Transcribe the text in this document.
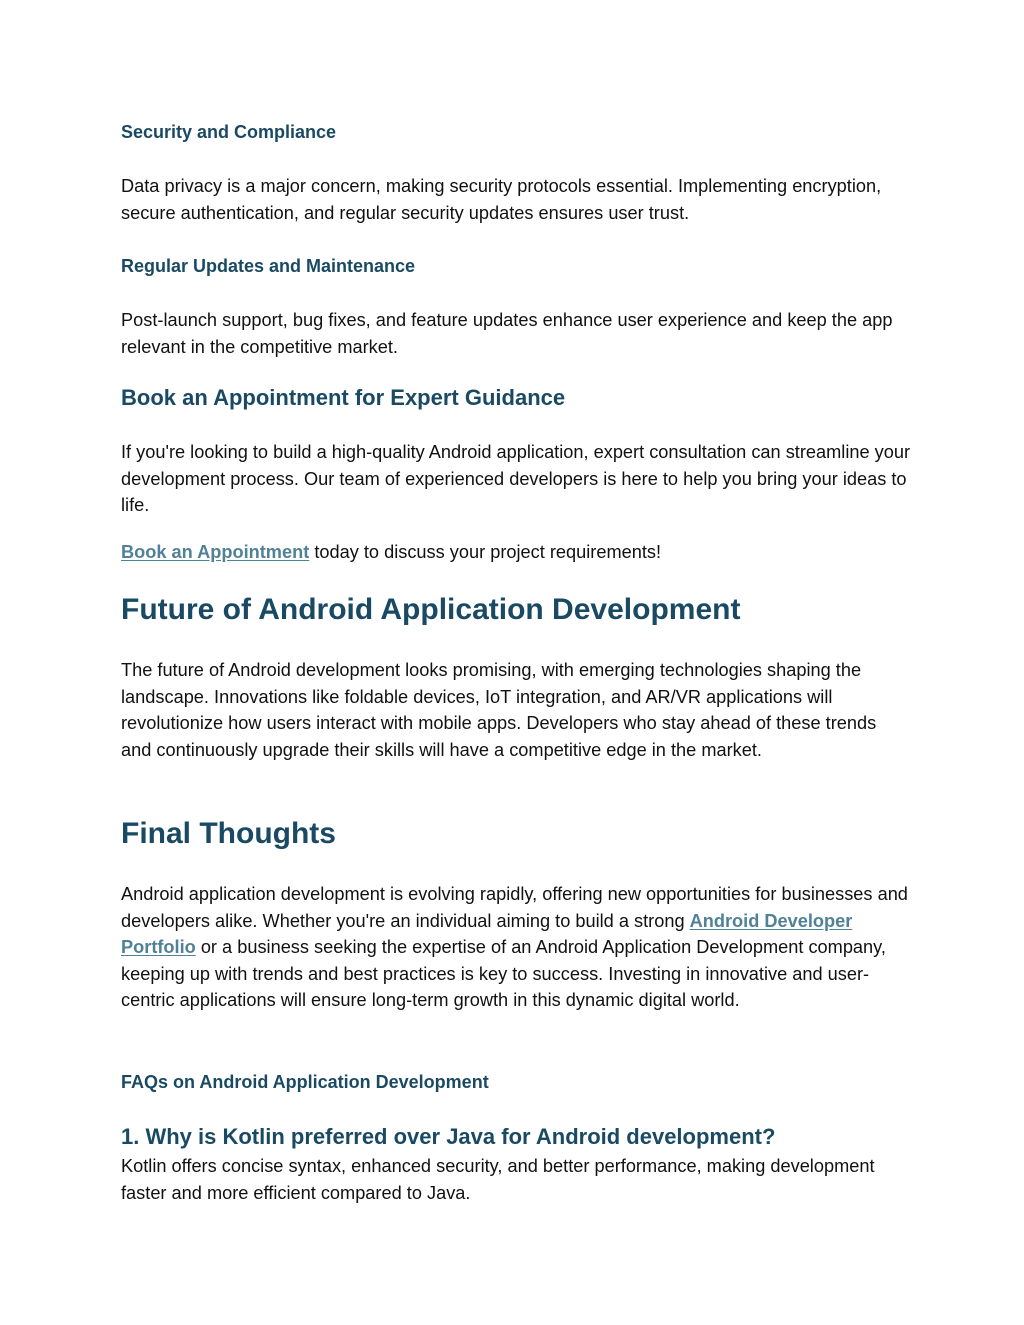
Security and Compliance

Data privacy is a major concern, making security protocols essential. Implementing encryption, secure authentication, and regular security updates ensures user trust.

Regular Updates and Maintenance

Post-launch support, bug fixes, and feature updates enhance user experience and keep the app relevant in the competitive market.

Book an Appointment for Expert Guidance

If you're looking to build a high-quality Android application, expert consultation can streamline your development process. Our team of experienced developers is here to help you bring your ideas to life.

Book an Appointment today to discuss your project requirements!

Future of Android Application Development

The future of Android development looks promising, with emerging technologies shaping the landscape. Innovations like foldable devices, IoT integration, and AR/VR applications will revolutionize how users interact with mobile apps. Developers who stay ahead of these trends and continuously upgrade their skills will have a competitive edge in the market.

Final Thoughts

Android application development is evolving rapidly, offering new opportunities for businesses and developers alike. Whether you're an individual aiming to build a strong Android Developer Portfolio or a business seeking the expertise of an Android Application Development company, keeping up with trends and best practices is key to success. Investing in innovative and user-centric applications will ensure long-term growth in this dynamic digital world.

FAQs on Android Application Development
1. Why is Kotlin preferred over Java for Android development?

Kotlin offers concise syntax, enhanced security, and better performance, making development faster and more efficient compared to Java.
